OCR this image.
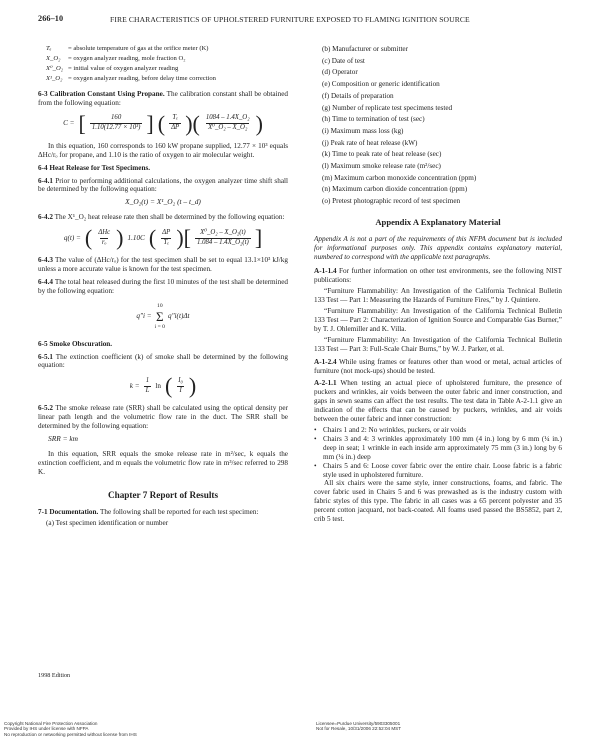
266–10	FIRE CHARACTERISTICS OF UPHOLSTERED FURNITURE EXPOSED TO FLAMING IGNITION SOURCE
Tₑ	= absolute temperature of gas at the orifice meter (K)
X_O₂	= oxygen analyzer reading, mole fraction O₂
X⁰_O₂ = initial value of oxygen analyzer reading
X¹_O₂ = oxygen analyzer reading, before delay time correction

6-3 Calibration Constant Using Propane. The calibration constant shall be obtained from the following equation:

C = [ $\frac{160}{\text{1.10(12.77 × 10³)}}$ ] ( $\frac{\text{Tₑ}}{\Delta P}$ )( $\frac{\text{1084 – 1.4X\_O₂}}{\text{X⁰\_O₂ – X\_O₂}}$ )

In this equation, 160 corresponds to 160 kW propane supplied, 12.77 × 10³ equals ΔHc/rₒ for propane, and 1.10 is the ratio of oxygen to air molecular weight.

6-4 Heat Release for Test Specimens.

6-4.1 Prior to performing additional calculations, the oxygen analyzer time shift shall be determined by the following equation:

X_O₂(t) = X¹_O₂ (t – t_d)

6-4.2 The X¹_O₂ heat release rate then shall be determined by the following equation:

q(t) = ( $\frac{\text{ΔHc}}{\text{rₒ}}$ ) 1.10C ( $\frac{\Delta P}{\text{Tₑ}}$ )[ $\frac{\text{X⁰\_O₂ – X\_O₂(t)}}{\text{1.084 – 1.4X\_O₂(t)}}$ ]

6-4.3 The value of (ΔHc/rₒ) for the test specimen shall be set to equal 13.1×10³ kJ/kg unless a more accurate value is known for the test specimen.

6-4.4 The total heat released during the first 10 minutes of the test shall be determined by the following equation:

q″i =
10
Σ
i = 0
q″i(t)Δt

6-5 Smoke Obscuration.

6-5.1 The extinction coefficient (k) of smoke shall be determined by the following equation:

$k = \frac{1}{L}$ ln ( $\frac{\text{I₀}}{I}$ )

6-5.2 The smoke release rate (SRR) shall be calculated using the optical density per linear path length and the volumetric flow rate in the duct. The SRR shall be determined by the following equation:

SRR = km

In this equation, SRR equals the smoke release rate in m²/sec, k equals the extinction coefficient, and m equals the volumetric flow rate in m³/sec referred to 298 K.

Chapter 7 Report of Results

7-1 Documentation. The following shall be reported for each test specimen:

(a) Test specimen identification or number
(b) Manufacturer or submitter
(c) Date of test
(d) Operator
(e) Composition or generic identification
(f) Details of preparation
(g) Number of replicate test specimens tested
(h) Time to termination of test (sec)
(i) Maximum mass loss (kg)
(j) Peak rate of heat release (kW)
(k) Time to peak rate of heat release (sec)
(l) Maximum smoke release rate (m²/sec)
(m) Maximum carbon monoxide concentration (ppm)
(n) Maximum carbon dioxide concentration (ppm)
(o) Pretest photographic record of test specimen
Appendix A Explanatory Material

Appendix A is not a part of the requirements of this NFPA document but is included for informational purposes only. This appendix contains explanatory material, numbered to correspond with the applicable text paragraphs.

A-1-1.4 For further information on other test environments, see the following NIST publications:

“Furniture Flammability: An Investigation of the California Technical Bulletin 133 Test — Part 1: Measuring the Hazards of Furniture Fires,” by J. Quintiere.

“Furniture Flammability: An Investigation of the California Technical Bulletin 133 Test — Part 2: Characterization of Ignition Source and Comparable Gas Burner,” by T. J. Ohlemiller and K. Villa.

“Furniture Flammability: An Investigation of the California Technical Bulletin 133 Test — Part 3: Full-Scale Chair Burns,” by W. J. Parker, et al.

A-1-2.4 While using frames or features other than wood or metal, actual articles of furniture (not mock-ups) should be tested.

A-2-1.1 When testing an actual piece of upholstered furniture, the presence of puckers and wrinkles, air voids between the outer fabric and inner construction, and gaps in sewn seams can affect the test results. The test data in Table A-2-1.1 give an indication of the effects that can be caused by puckers, wrinkles, and air voids between the outer fabric and inner construction:

• Chairs 1 and 2: No wrinkles, puckers, or air voids
• Chairs 3 and 4: 3 wrinkles approximately 100 mm (4 in.) long by 6 mm (¼ in.) deep in seat; 1 wrinkle in each inside arm approximately 75 mm (3 in.) long by 6 mm (¼ in.) deep
• Chairs 5 and 6: Loose cover fabric over the entire chair. Loose fabric is a fabric style used in upholstered furniture.

All six chairs were the same style, inner constructions, foams, and fabric. The cover fabric used in Chairs 5 and 6 was prewashed as is the industry custom with fabric styles of this type. The fabric in all cases was a 65 percent polyester and 35 percent cotton jacquard, not back-coated. All foams used passed the BS5852, part 2, crib 5 test.

1998 Edition
Copyright National Fire Protection Association
Provided by IHS under license with NFPA
No reproduction or networking permitted without license from IHS
Licensee=Purdue University/5903305001
Not for Resale, 10/31/2006 22:52:04 MST
